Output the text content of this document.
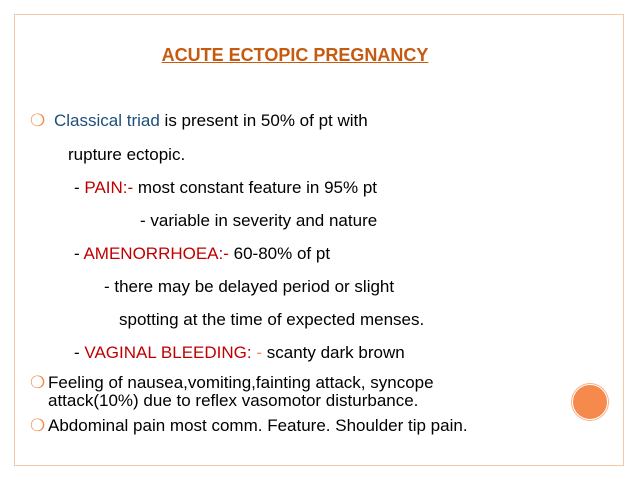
ACUTE ECTOPIC PREGNANCY
❍ Classical triad is present in 50% of pt with
rupture ectopic.
- PAIN:- most constant feature in 95% pt
- variable in severity and nature
- AMENORRHOEA:- 60-80% of pt
- there may be delayed period or slight
spotting at the time of expected menses.
- VAGINAL BLEEDING: - scanty dark brown
❍ Feeling of nausea,vomiting,fainting attack, syncope
attack(10%) due to reflex vasomotor disturbance.
❍ Abdominal pain most comm. Feature. Shoulder tip pain.
